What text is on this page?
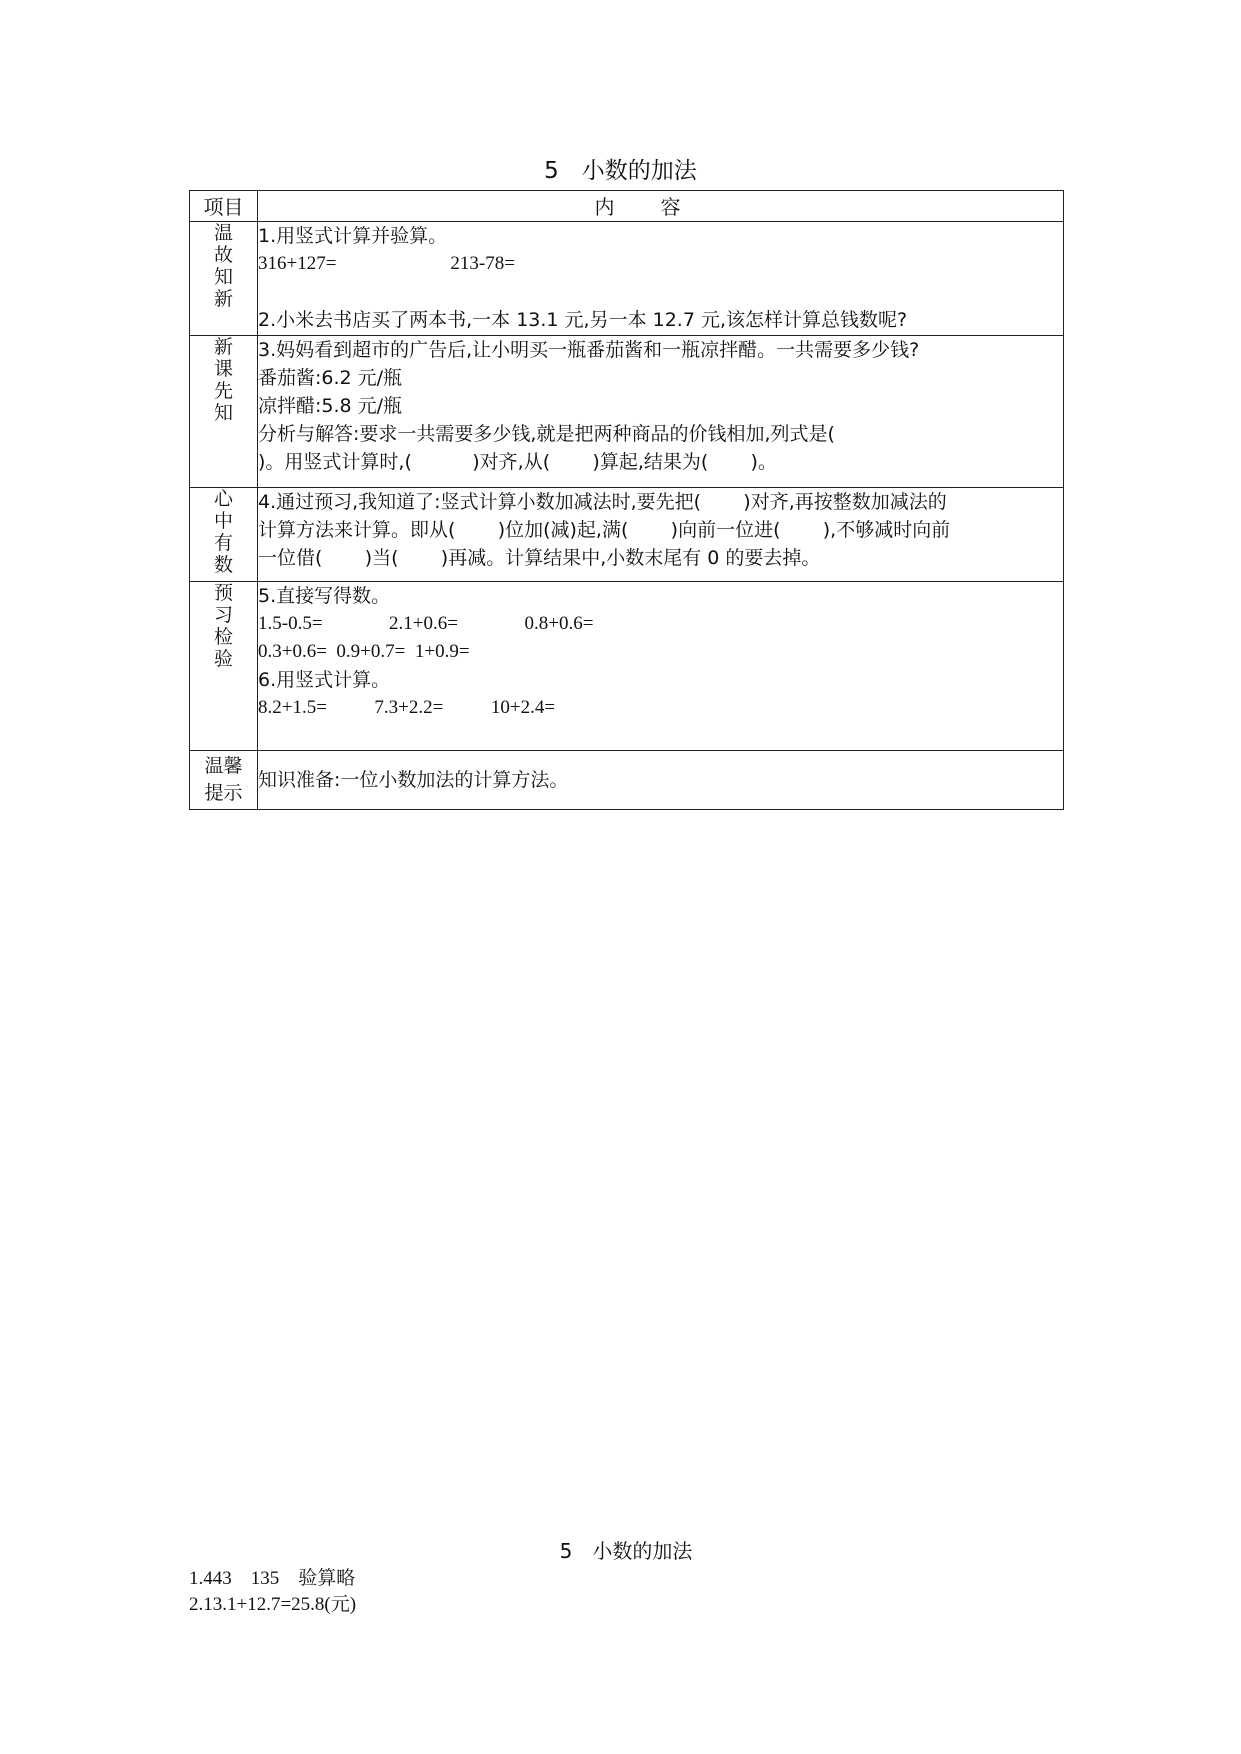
5　小数的加法
项目	内容
温故知新	1.用竖式计算并验算。
316+127=                        213-78=

2.小米去书店买了两本书,一本 13.1 元,另一本 12.7 元,该怎样计算总钱数呢?

新课先知	3.妈妈看到超市的广告后,让小明买一瓶番茄酱和一瓶凉拌醋。一共需要多少钱?
番茄酱:6.2 元/瓶
凉拌醋:5.8 元/瓶
分析与解答:要求一共需要多少钱,就是把两种商品的价钱相加,列式是(
)。用竖式计算时,(          )对齐,从(       )算起,结果为(       )。

心中有数	4.通过预习,我知道了:竖式计算小数加减法时,要先把(       )对齐,再按整数加减法的
计算方法来计算。即从(       )位加(减)起,满(       )向前一位进(       ),不够减时向前
一位借(       )当(       )再减。计算结果中,小数末尾有 0 的要去掉。

预习检验	5.直接写得数。
1.5-0.5=              2.1+0.6=              0.8+0.6=
0.3+0.6=  0.9+0.7=  1+0.9=
6.用竖式计算。
8.2+1.5=          7.3+2.2=          10+2.4=

温馨提示	知识准备:一位小数加法的计算方法。
5　小数的加法
1.443    135    验算略
2.13.1+12.7=25.8(元)
